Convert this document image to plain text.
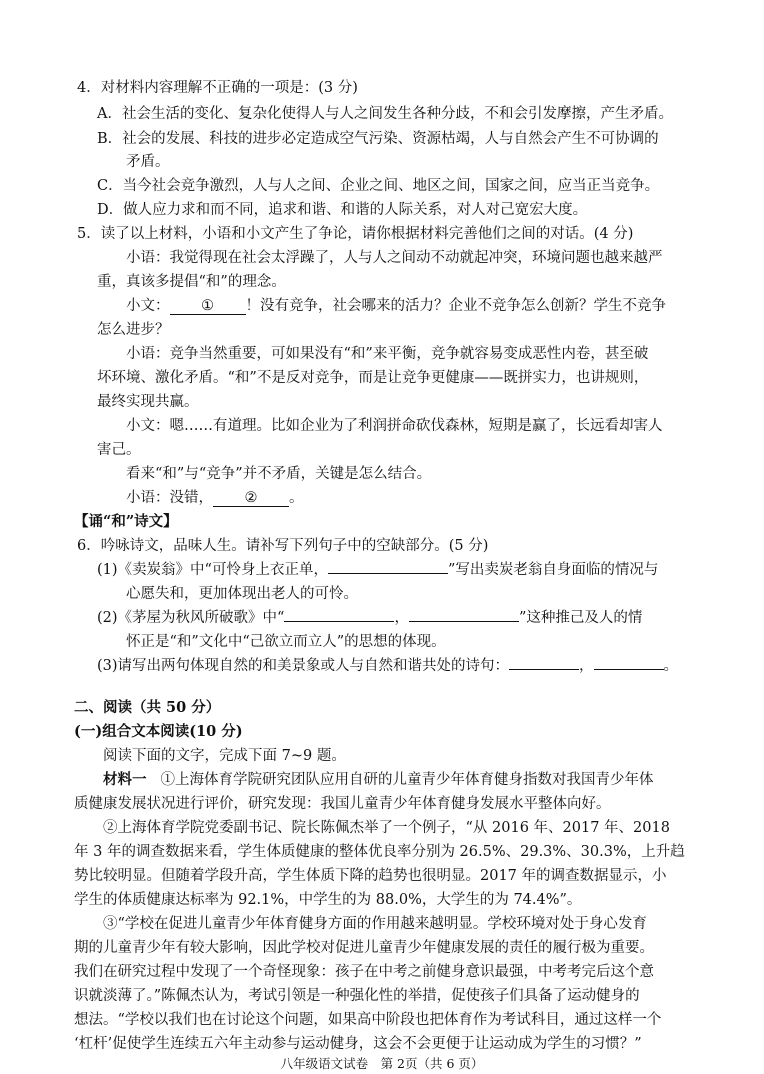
4．对材料内容理解不正确的一项是：(3 分)
A．社会生活的变化、复杂化使得人与人之间发生各种分歧，不和会引发摩擦，产生矛盾。
B．社会的发展、科技的进步必定造成空气污染、资源枯竭，人与自然会产生不可协调的
矛盾。
C．当今社会竞争激烈，人与人之间、企业之间、地区之间，国家之间，应当正当竞争。
D．做人应力求和而不同，追求和谐、和谐的人际关系，对人对己宽宏大度。
5．读了以上材料，小语和小文产生了争论，请你根据材料完善他们之间的对话。(4 分)
小语：我觉得现在社会太浮躁了，人与人之间动不动就起冲突，环境问题也越来越严
重，真该多提倡“和”的理念。
小文： ① ！没有竞争，社会哪来的活力？企业不竞争怎么创新？学生不竞争
怎么进步？
小语：竞争当然重要，可如果没有“和”来平衡，竞争就容易变成恶性内卷，甚至破
坏环境、激化矛盾。“和”不是反对竞争，而是让竞争更健康——既拼实力，也讲规则，
最终实现共赢。
小文：嗯……有道理。比如企业为了利润拼命砍伐森林，短期是赢了，长远看却害人
害己。
看来“和”与“竞争”并不矛盾，关键是怎么结合。
小语：没错， ② 。
【诵“和”诗文】
6．吟咏诗文，品味人生。请补写下列句子中的空缺部分。(5 分)
(1)《卖炭翁》中“可怜身上衣正单，	”写出卖炭老翁自身面临的情况与
心愿失和，更加体现出老人的可怜。
(2)《茅屋为秋风所破歌》中“	，	”这种推己及人的情
怀正是“和”文化中“己欲立而立人”的思想的体现。
(3)请写出两句体现自然的和美景象或人与自然和谐共处的诗句：	，	。
二、阅读（共 50 分）
(一)组合文本阅读(10 分)
阅读下面的文字，完成下面 7~9 题。
材料一 ①上海体育学院研究团队应用自研的儿童青少年体育健身指数对我国青少年体
质健康发展状况进行评价，研究发现：我国儿童青少年体育健身发展水平整体向好。
②上海体育学院党委副书记、院长陈佩杰举了一个例子，“从 2016 年、2017 年、2018
年 3 年的调查数据来看，学生体质健康的整体优良率分别为 26.5%、29.3%、30.3%，上升趋
势比较明显。但随着学段升高，学生体质下降的趋势也很明显。2017 年的调查数据显示，小
学生的体质健康达标率为 92.1%，中学生的为 88.0%，大学生的为 74.4%”。
③“学校在促进儿童青少年体育健身方面的作用越来越明显。学校环境对处于身心发育
期的儿童青少年有较大影响，因此学校对促进儿童青少年健康发展的责任的履行极为重要。
我们在研究过程中发现了一个奇怪现象：孩子在中考之前健身意识最强，中考考完后这个意
识就淡薄了。”陈佩杰认为，考试引领是一种强化性的举措，促使孩子们具备了运动健身的
想法。“学校以我们也在讨论这个问题，如果高中阶段也把体育作为考试科目，通过这样一个
‘杠杆’促使学生连续五六年主动参与运动健身，这会不会更便于让运动成为学生的习惯？”
八年级语文试卷　第 2页（共 6 页）
